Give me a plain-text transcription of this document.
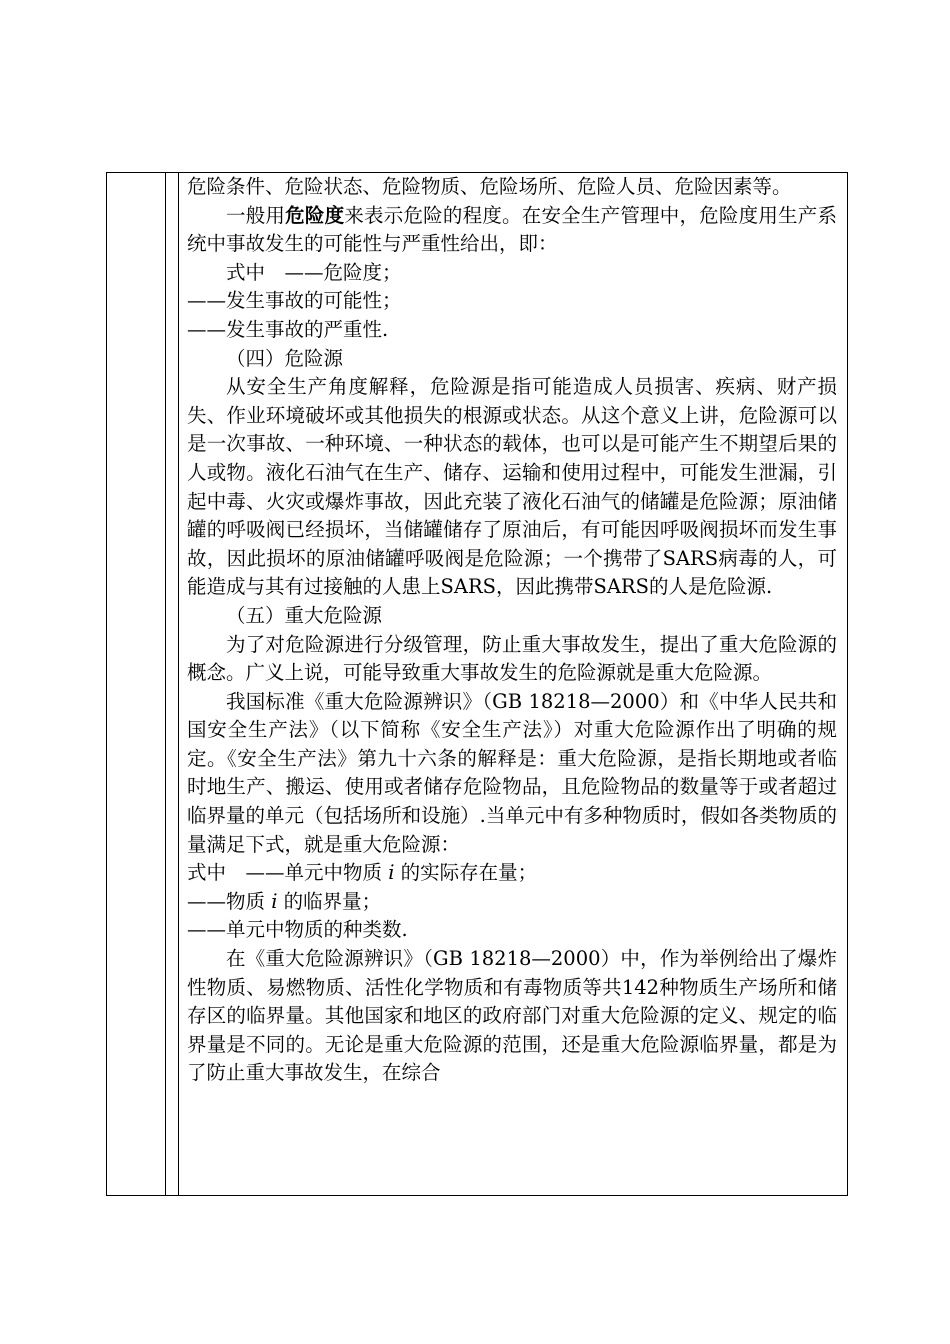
危险条件、危险状态、危险物质、危险场所、危险人员、危险因素等。

一般用危险度来表示危险的程度。在安全生产管理中，危险度用生产系统中事故发生的可能性与严重性给出，即：

式中　——危险度；

——发生事故的可能性；

——发生事故的严重性.

（四）危险源

从安全生产角度解释，危险源是指可能造成人员损害、疾病、财产损失、作业环境破坏或其他损失的根源或状态。从这个意义上讲，危险源可以是一次事故、一种环境、一种状态的载体，也可以是可能产生不期望后果的人或物。液化石油气在生产、储存、运输和使用过程中，可能发生泄漏，引起中毒、火灾或爆炸事故，因此充装了液化石油气的储罐是危险源；原油储罐的呼吸阀已经损坏，当储罐储存了原油后，有可能因呼吸阀损坏而发生事故，因此损坏的原油储罐呼吸阀是危险源；一个携带了SARS病毒的人，可能造成与其有过接触的人患上SARS，因此携带SARS的人是危险源.

（五）重大危险源

为了对危险源进行分级管理，防止重大事故发生，提出了重大危险源的概念。广义上说，可能导致重大事故发生的危险源就是重大危险源。

我国标准《重大危险源辨识》（GB 18218—2000）和《中华人民共和国安全生产法》（以下简称《安全生产法》）对重大危险源作出了明确的规定。《安全生产法》第九十六条的解释是：重大危险源，是指长期地或者临时地生产、搬运、使用或者储存危险物品，且危险物品的数量等于或者超过临界量的单元（包括场所和设施）.当单元中有多种物质时，假如各类物质的量满足下式，就是重大危险源：

式中　——单元中物质 i 的实际存在量；

——物质 i 的临界量；

——单元中物质的种类数.

在《重大危险源辨识》（GB 18218—2000）中，作为举例给出了爆炸性物质、易燃物质、活性化学物质和有毒物质等共142种物质生产场所和储存区的临界量。其他国家和地区的政府部门对重大危险源的定义、规定的临界量是不同的。无论是重大危险源的范围，还是重大危险源临界量，都是为了防止重大事故发生，在综合
